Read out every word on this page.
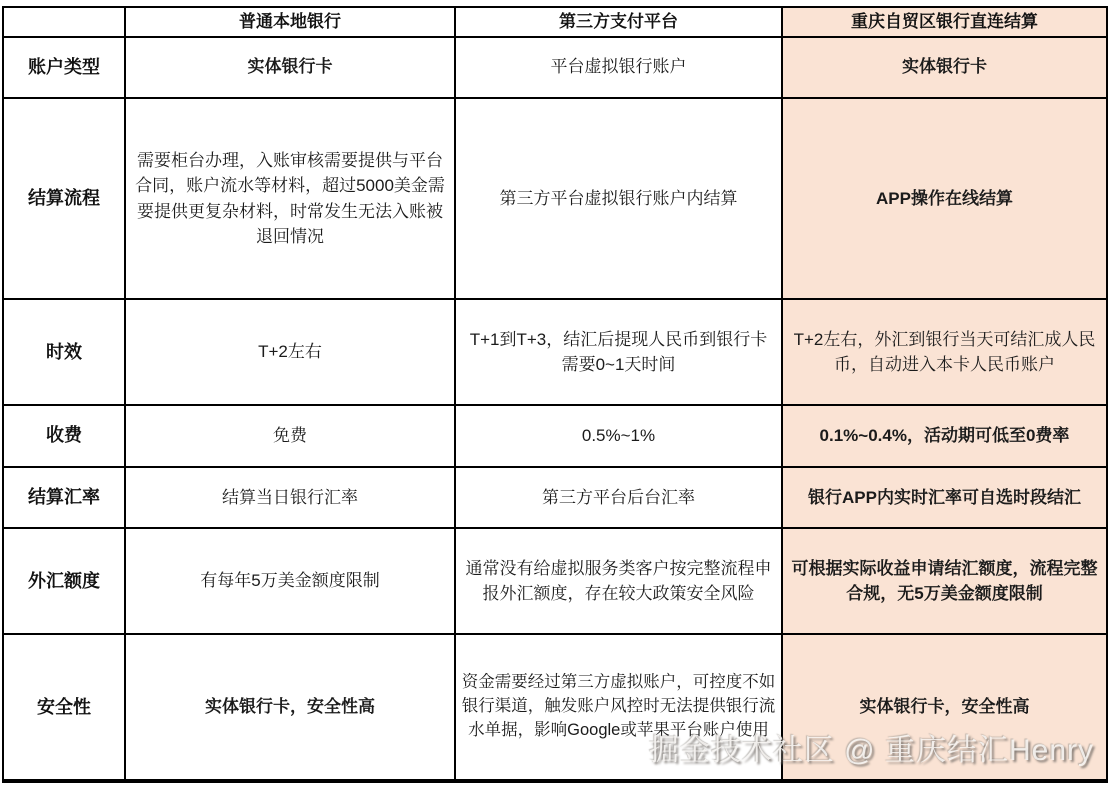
	普通本地银行	第三方支付平台	重庆自贸区银行直连结算
账户类型	实体银行卡	平台虚拟银行账户	实体银行卡
结算流程	需要柜台办理，入账审核需要提供与平台合同，账户流水等材料，超过5000美金需要提供更复杂材料，时常发生无法入账被退回情况	第三方平台虚拟银行账户内结算	APP操作在线结算
时效	T+2左右	T+1到T+3，结汇后提现人民币到银行卡需要0~1天时间	T+2左右，外汇到银行当天可结汇成人民币，自动进入本卡人民币账户
收费	免费	0.5%~1%	0.1%~0.4%，活动期可低至0费率
结算汇率	结算当日银行汇率	第三方平台后台汇率	银行APP内实时汇率可自选时段结汇
外汇额度	有每年5万美金额度限制	通常没有给虚拟服务类客户按完整流程申报外汇额度，存在较大政策安全风险	可根据实际收益申请结汇额度，流程完整合规，无5万美金额度限制
安全性	实体银行卡，安全性高	资金需要经过第三方虚拟账户，可控度不如银行渠道，触发账户风控时无法提供银行流水单据，影响Google或苹果平台账户使用	实体银行卡，安全性高
掘金技术社区 @ 重庆结汇Henry
